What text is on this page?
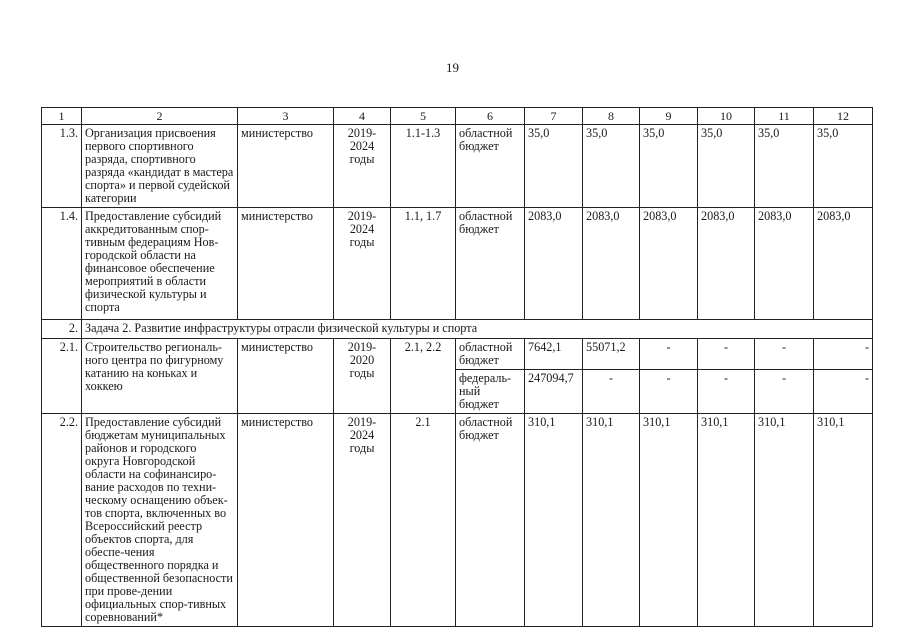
19
1	2	3	4	5	6	7	8	9	10	11	12
1.3.	Организация присвоения первого спортивного разряда, спортивного разряда «кандидат в мастера спорта» и первой судейской категории	министерство	2019-2024 годы	1.1-1.3	областной бюджет	35,0	35,0	35,0	35,0	35,0	35,0
1.4.	Предоставление субсидий аккредитованным спор-тивным федерациям Нов-городской области на финансовое обеспечение мероприятий в области физической культуры и спорта	министерство	2019-2024 годы	1.1, 1.7	областной бюджет	2083,0	2083,0	2083,0	2083,0	2083,0	2083,0
2.	Задача 2. Развитие инфраструктуры отрасли физической культуры и спорта										
2.1.	Строительство региональ-ного центра по фигурному катанию на коньках и хоккею	министерство	2019-2020 годы	2.1, 2.2	областной бюджет	7642,1	55071,2	-	-	-	-
					федераль-ный бюджет	247094,7	-	-	-	-	-
2.2.	Предоставление субсидий бюджетам муниципальных районов и городского округа Новгородской области на софинансиро-вание расходов по техни-ческому оснащению объек-тов спорта, включенных во Всероссийский реестр объектов спорта, для обеспе-чения общественного порядка и общественной безопасности при прове-дении официальных спор-тивных соревнований*	министерство	2019-2024 годы	2.1	областной бюджет	310,1	310,1	310,1	310,1	310,1	310,1
